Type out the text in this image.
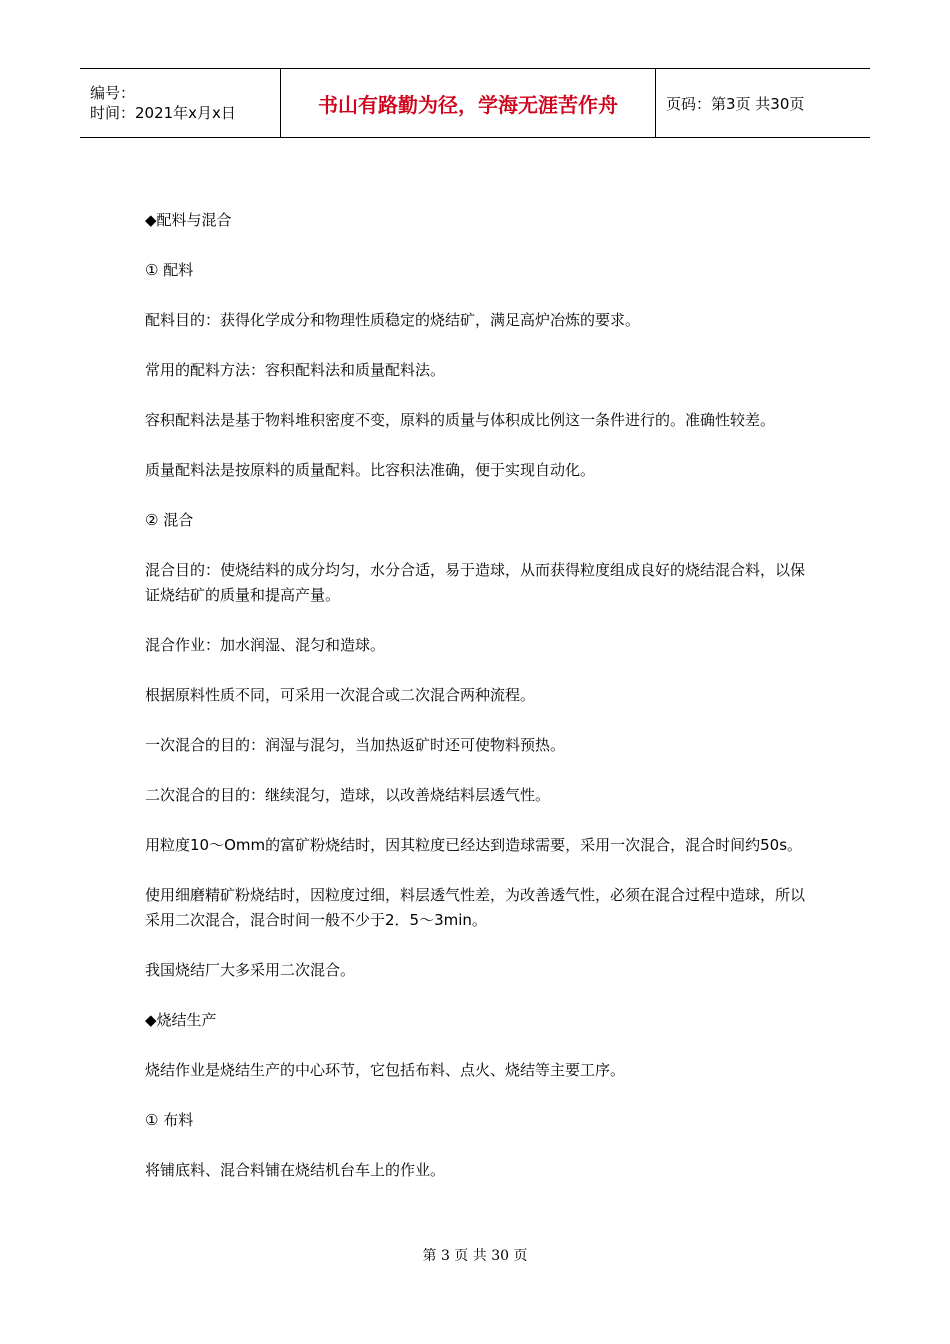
编号：
时间：2021年x月x日	书山有路勤为径，学海无涯苦作舟	页码：第3页 共30页

◆配料与混合

① 配料

配料目的：获得化学成分和物理性质稳定的烧结矿，满足高炉冶炼的要求。

常用的配料方法：容积配料法和质量配料法。

容积配料法是基于物料堆积密度不变，原料的质量与体积成比例这一条件进行的。准确性较差。

质量配料法是按原料的质量配料。比容积法准确，便于实现自动化。

② 混合

混合目的：使烧结料的成分均匀，水分合适，易于造球，从而获得粒度组成良好的烧结混合料，以保证烧结矿的质量和提高产量。

混合作业：加水润湿、混匀和造球。

根据原料性质不同，可采用一次混合或二次混合两种流程。

一次混合的目的：润湿与混匀，当加热返矿时还可使物料预热。

二次混合的目的：继续混匀，造球，以改善烧结料层透气性。

用粒度10～Omm的富矿粉烧结时，因其粒度已经达到造球需要，采用一次混合，混合时间约50s。

使用细磨精矿粉烧结时，因粒度过细，料层透气性差，为改善透气性，必须在混合过程中造球，所以采用二次混合，混合时间一般不少于2．5～3min。

我国烧结厂大多采用二次混合。

◆烧结生产

烧结作业是烧结生产的中心环节，它包括布料、点火、烧结等主要工序。

① 布料

将铺底料、混合料铺在烧结机台车上的作业。

第 3 页 共 30 页
